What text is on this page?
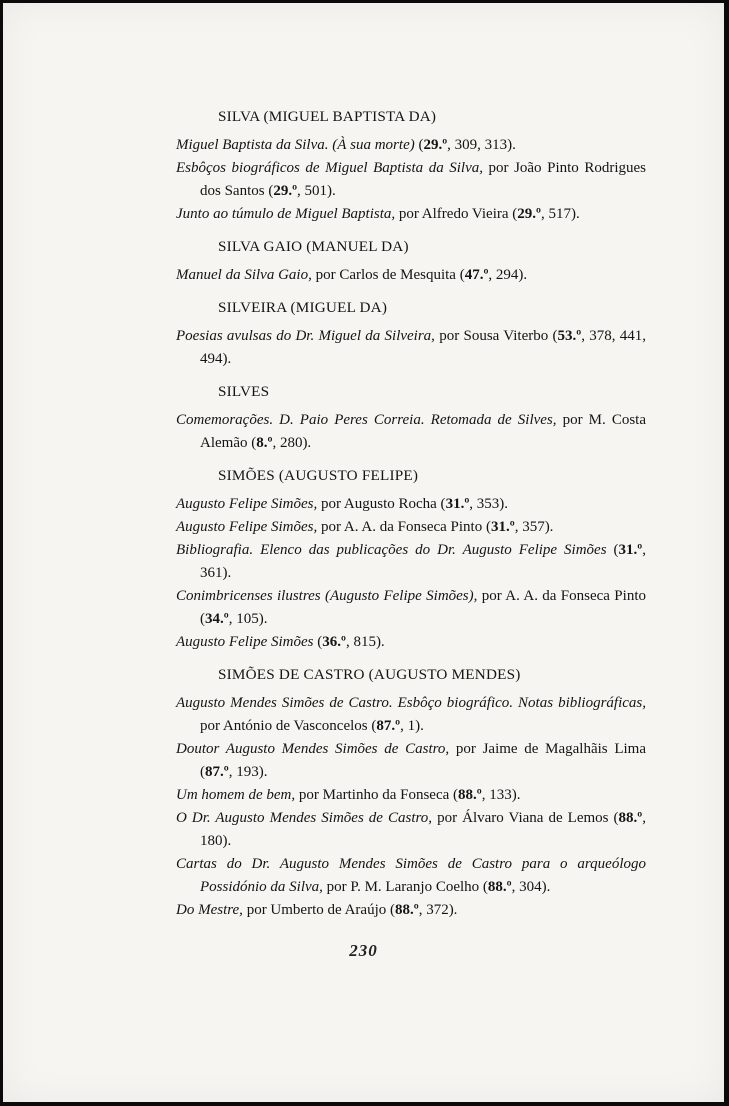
SILVA (MIGUEL BAPTISTA DA)
Miguel Baptista da Silva. (À sua morte) (29.º, 309, 313).
Esbôços biográficos de Miguel Baptista da Silva, por João Pinto Rodrigues dos Santos (29.º, 501).
Junto ao túmulo de Miguel Baptista, por Alfredo Vieira (29.º, 517).
SILVA GAIO (MANUEL DA)
Manuel da Silva Gaio, por Carlos de Mesquita (47.º, 294).
SILVEIRA (MIGUEL DA)
Poesias avulsas do Dr. Miguel da Silveira, por Sousa Viterbo (53.º, 378, 441, 494).
SILVES
Comemorações. D. Paio Peres Correia. Retomada de Silves, por M. Costa Alemão (8.º, 280).
SIMÕES (AUGUSTO FELIPE)
Augusto Felipe Simões, por Augusto Rocha (31.º, 353).
Augusto Felipe Simões, por A. A. da Fonseca Pinto (31.º, 357).
Bibliografia. Elenco das publicações do Dr. Augusto Felipe Simões (31.º, 361).
Conimbricenses ilustres (Augusto Felipe Simões), por A. A. da Fonseca Pinto (34.º, 105).
Augusto Felipe Simões (36.º, 815).
SIMÕES DE CASTRO (AUGUSTO MENDES)
Augusto Mendes Simões de Castro. Esbôço biográfico. Notas bibliográficas, por António de Vasconcelos (87.º, 1).
Doutor Augusto Mendes Simões de Castro, por Jaime de Magalhãis Lima (87.º, 193).
Um homem de bem, por Martinho da Fonseca (88.º, 133).
O Dr. Augusto Mendes Simões de Castro, por Álvaro Viana de Lemos (88.º, 180).
Cartas do Dr. Augusto Mendes Simões de Castro para o arqueólogo Possidónio da Silva, por P. M. Laranjo Coelho (88.º, 304).
Do Mestre, por Umberto de Araújo (88.º, 372).
230
